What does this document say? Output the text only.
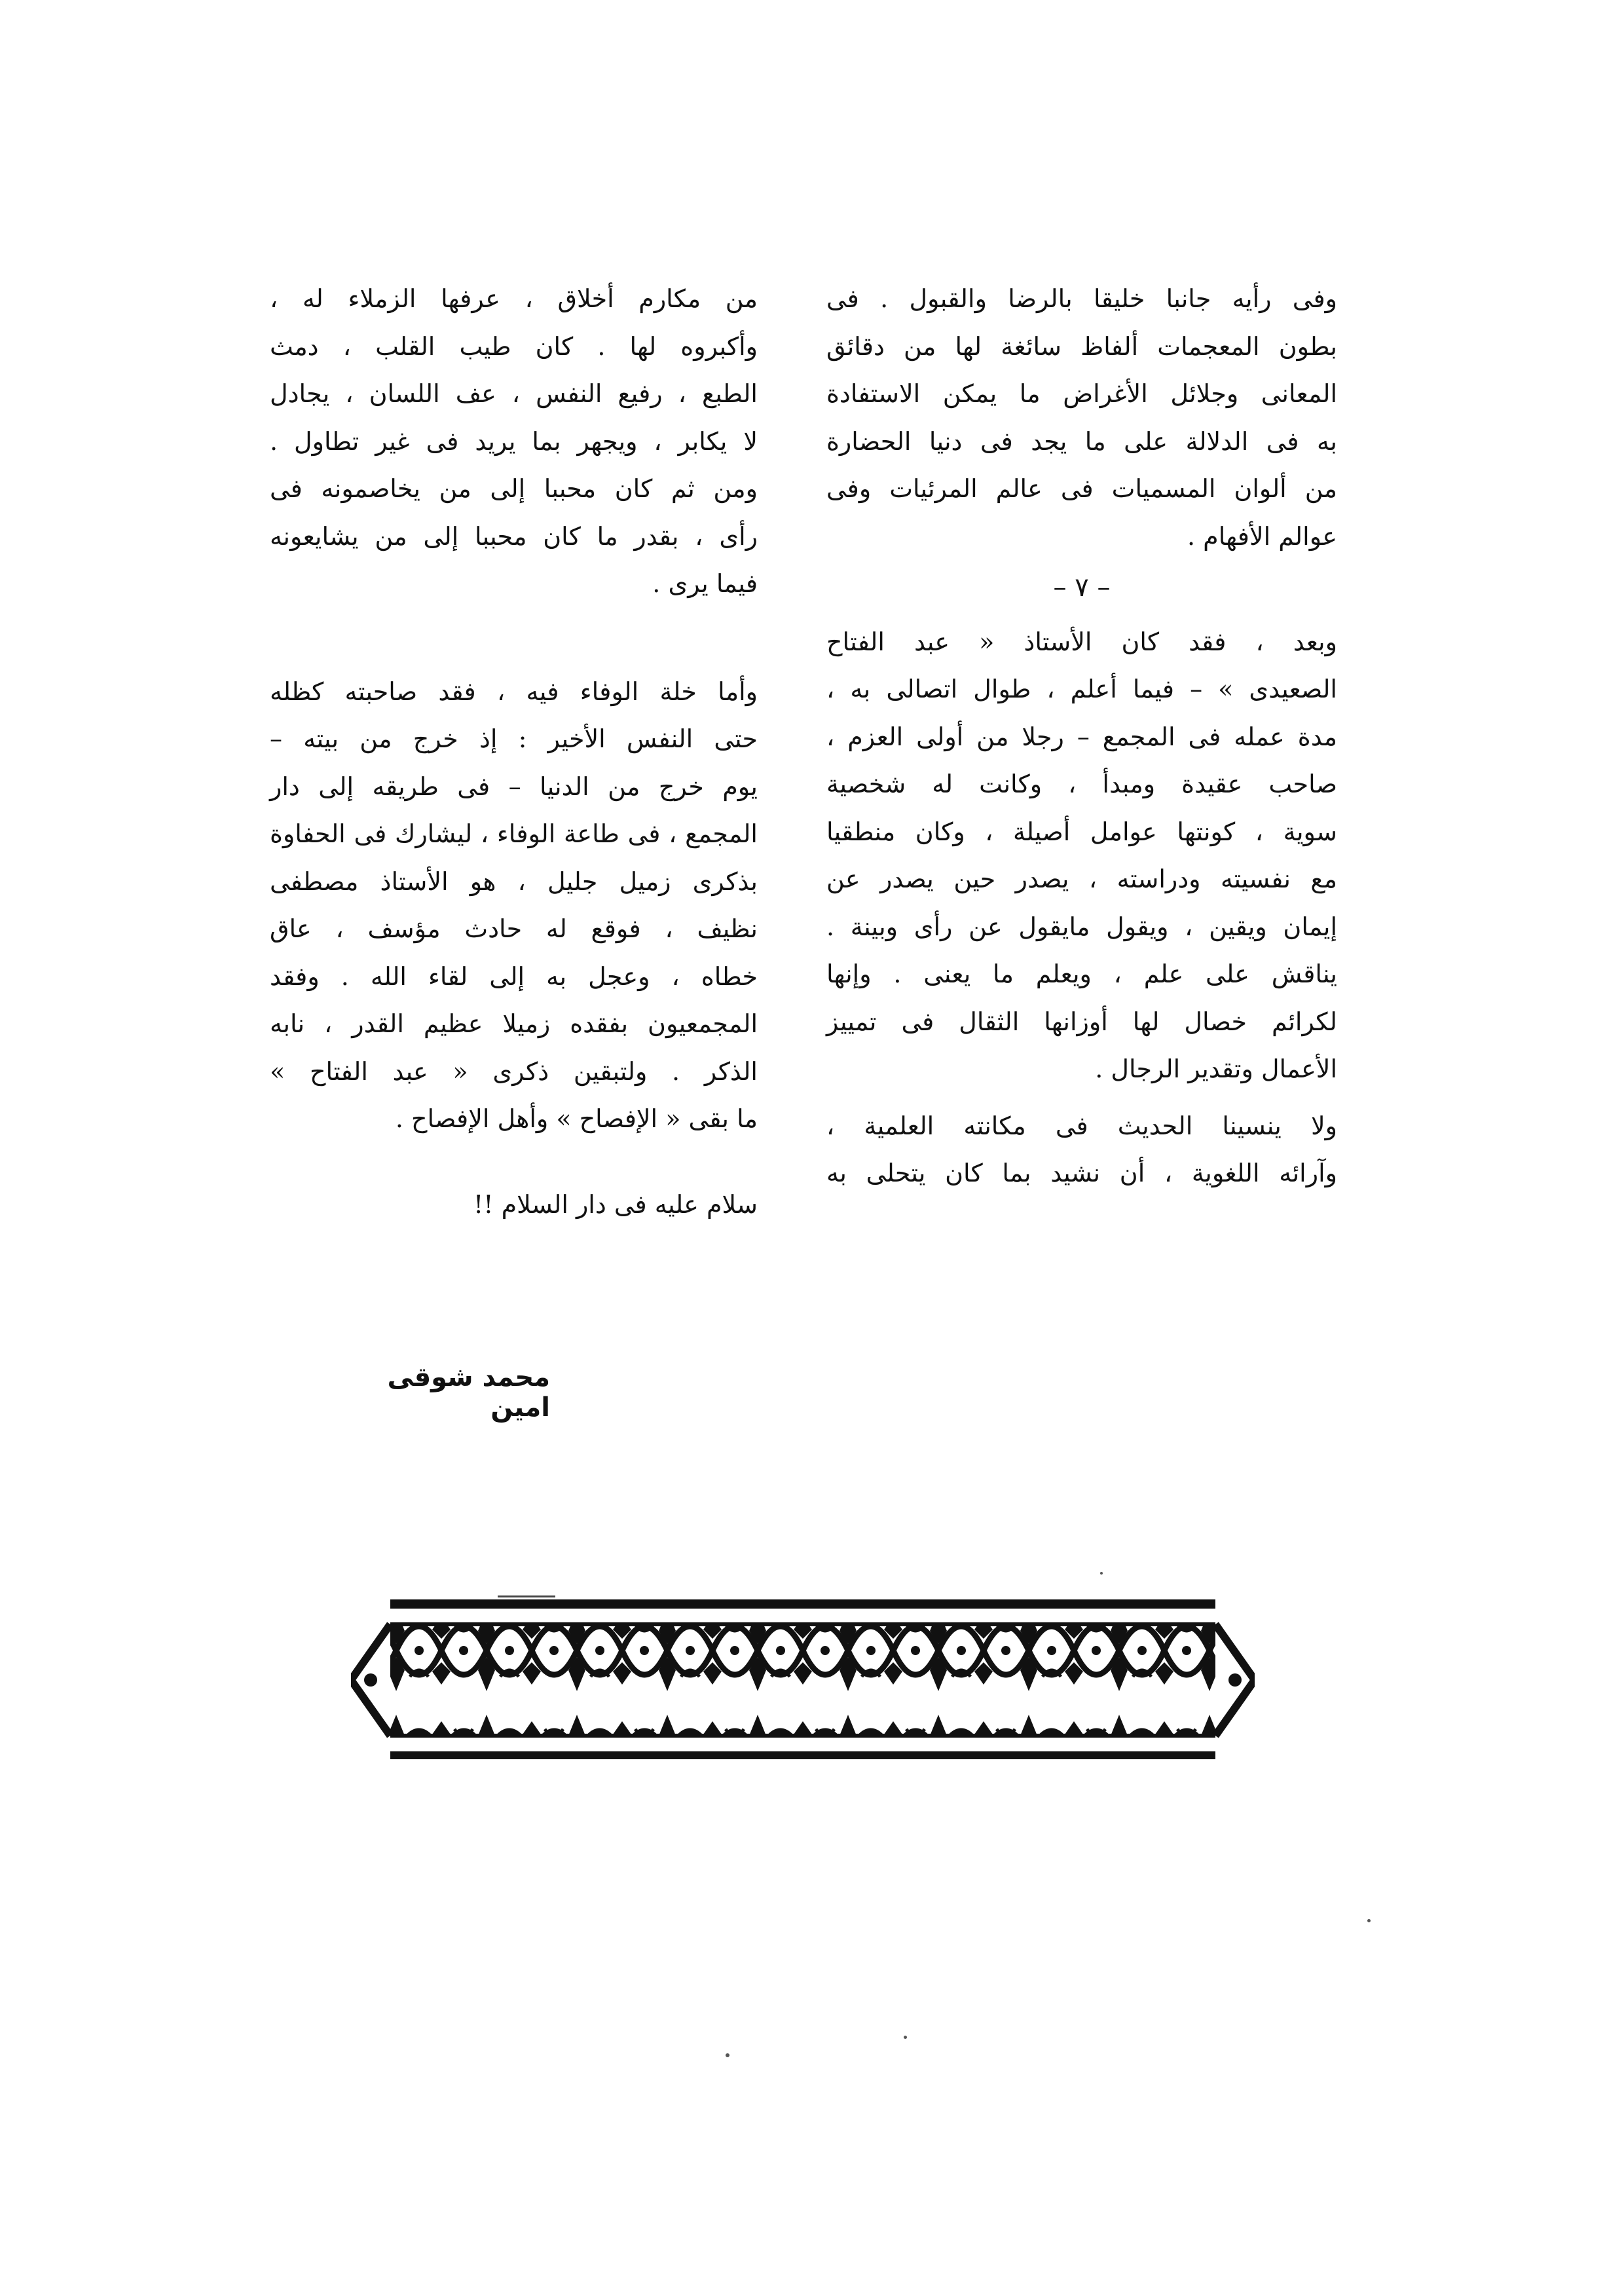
وفى رأيه جانبا خليقا بالرضا والقبول . فى
بطون المعجمات ألفاظ سائغة لها من دقائق
المعانى وجلائل الأغراض ما يمكن الاستفادة
به فى الدلالة على ما يجد فى دنيا الحضارة
من ألوان المسميات فى عالم المرئيات وفى
عوالم الأفهام .
– ٧ –
وبعد ، فقد كان الأستاذ « عبد الفتاح
الصعيدى » – فيما أعلم ، طوال اتصالى به ،
مدة عمله فى المجمع – رجلا من أولى العزم ،
صاحب عقيدة ومبدأ ، وكانت له شخصية
سوية ، كونتها عوامل أصيلة ، وكان منطقيا
مع نفسيته ودراسته ، يصدر حين يصدر عن
إيمان ويقين ، ويقول مايقول عن رأى وبينة .
يناقش على علم ، ويعلم ما يعنى . وإنها
لكرائم خصال لها أوزانها الثقال فى تمييز
الأعمال وتقدير الرجال .
ولا ينسينا الحديث فى مكانته العلمية ،
وآرائه اللغوية ، أن نشيد بما كان يتحلى به
من مكارم أخلاق ، عرفها الزملاء له ،
وأكبروه لها . كان طيب القلب ، دمث
الطبع ، رفيع النفس ، عف اللسان ، يجادل
لا يكابر ، ويجهر بما يريد فى غير تطاول .
ومن ثم كان محببا إلى من يخاصمونه فى
رأى ، بقدر ما كان محببا إلى من يشايعونه
فيما يرى .
وأما خلة الوفاء فيه ، فقد صاحبته كظله
حتى النفس الأخير : إذ خرج من بيته –
يوم خرج من الدنيا – فى طريقه إلى دار
المجمع ، فى طاعة الوفاء ، ليشارك فى الحفاوة
بذكرى زميل جليل ، هو الأستاذ مصطفى
نظيف ، فوقع له حادث مؤسف ، عاق
خطاه ، وعجل به إلى لقاء الله . وفقد
المجمعيون بفقده زميلا عظيم القدر ، نابه
الذكر . ولتبقين ذكرى « عبد الفتاح »
ما بقى « الإفصاح » وأهل الإفصاح .
سلام عليه فى دار السلام !!
محمد شوقى امين
